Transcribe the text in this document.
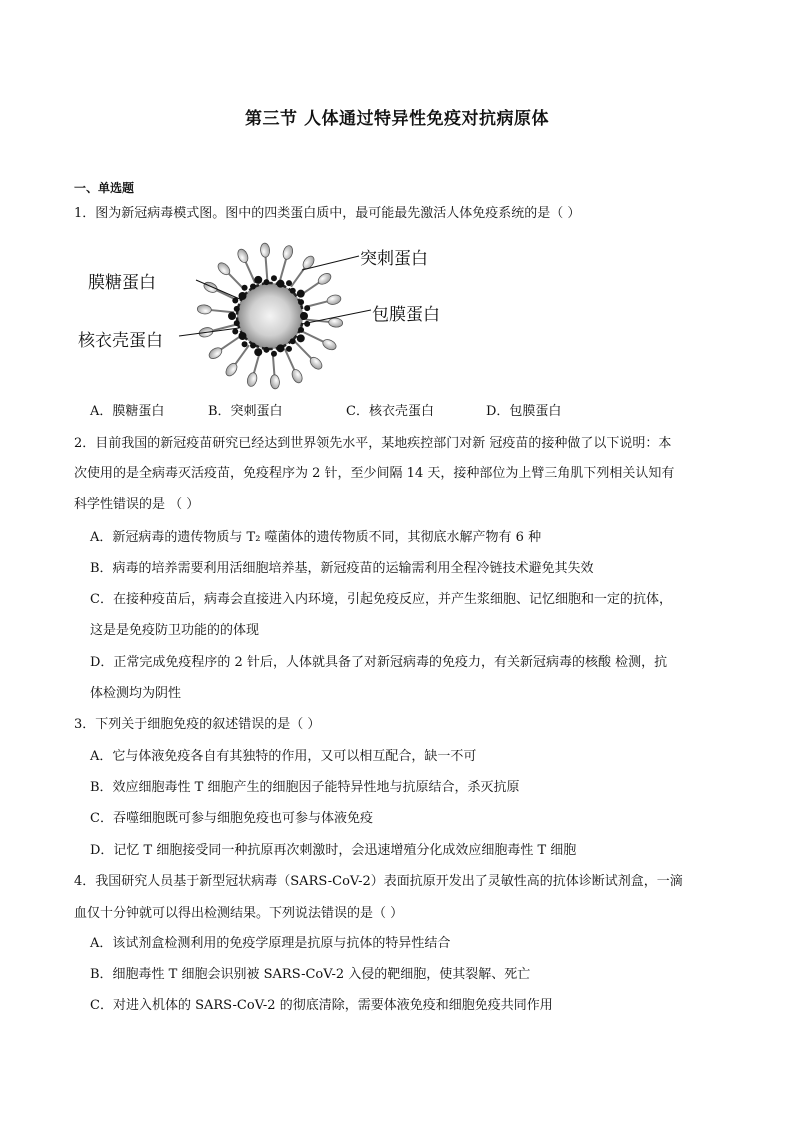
第三节 人体通过特异性免疫对抗病原体
一、单选题
1．图为新冠病毒模式图。图中的四类蛋白质中，最可能最先激活人体免疫系统的是（ ）
突刺蛋白
膜糖蛋白
包膜蛋白
核衣壳蛋白
A．膜糖蛋白	B．突刺蛋白	C．核衣壳蛋白	D．包膜蛋白
2．目前我国的新冠疫苗研究已经达到世界领先水平，某地疾控部门对新 冠疫苗的接种做了以下说明：本
次使用的是全病毒灭活疫苗，免疫程序为 2 针，至少间隔 14 天，接种部位为上臂三角肌下列相关认知有
科学性错误的是 （ ）
A．新冠病毒的遗传物质与 T₂ 噬菌体的遗传物质不同，其彻底水解产物有 6 种
B．病毒的培养需要利用活细胞培养基，新冠疫苗的运输需利用全程冷链技术避免其失效
C．在接种疫苗后，病毒会直接进入内环境，引起免疫反应，并产生浆细胞、记忆细胞和一定的抗体，
这是是免疫防卫功能的的体现
D．正常完成免疫程序的 2 针后，人体就具备了对新冠病毒的免疫力，有关新冠病毒的核酸 检测，抗
体检测均为阴性
3．下列关于细胞免疫的叙述错误的是（ ）
A．它与体液免疫各自有其独特的作用，又可以相互配合，缺一不可
B．效应细胞毒性 T 细胞产生的细胞因子能特异性地与抗原结合，杀灭抗原
C．吞噬细胞既可参与细胞免疫也可参与体液免疫
D．记忆 T 细胞接受同一种抗原再次刺激时，会迅速增殖分化成效应细胞毒性 T 细胞
4．我国研究人员基于新型冠状病毒（SARS-CoV-2）表面抗原开发出了灵敏性高的抗体诊断试剂盒，一滴
血仅十分钟就可以得出检测结果。下列说法错误的是（ ）
A．该试剂盒检测利用的免疫学原理是抗原与抗体的特异性结合
B．细胞毒性 T 细胞会识别被 SARS-CoV-2 入侵的靶细胞，使其裂解、死亡
C．对进入机体的 SARS-CoV-2 的彻底清除，需要体液免疫和细胞免疫共同作用
